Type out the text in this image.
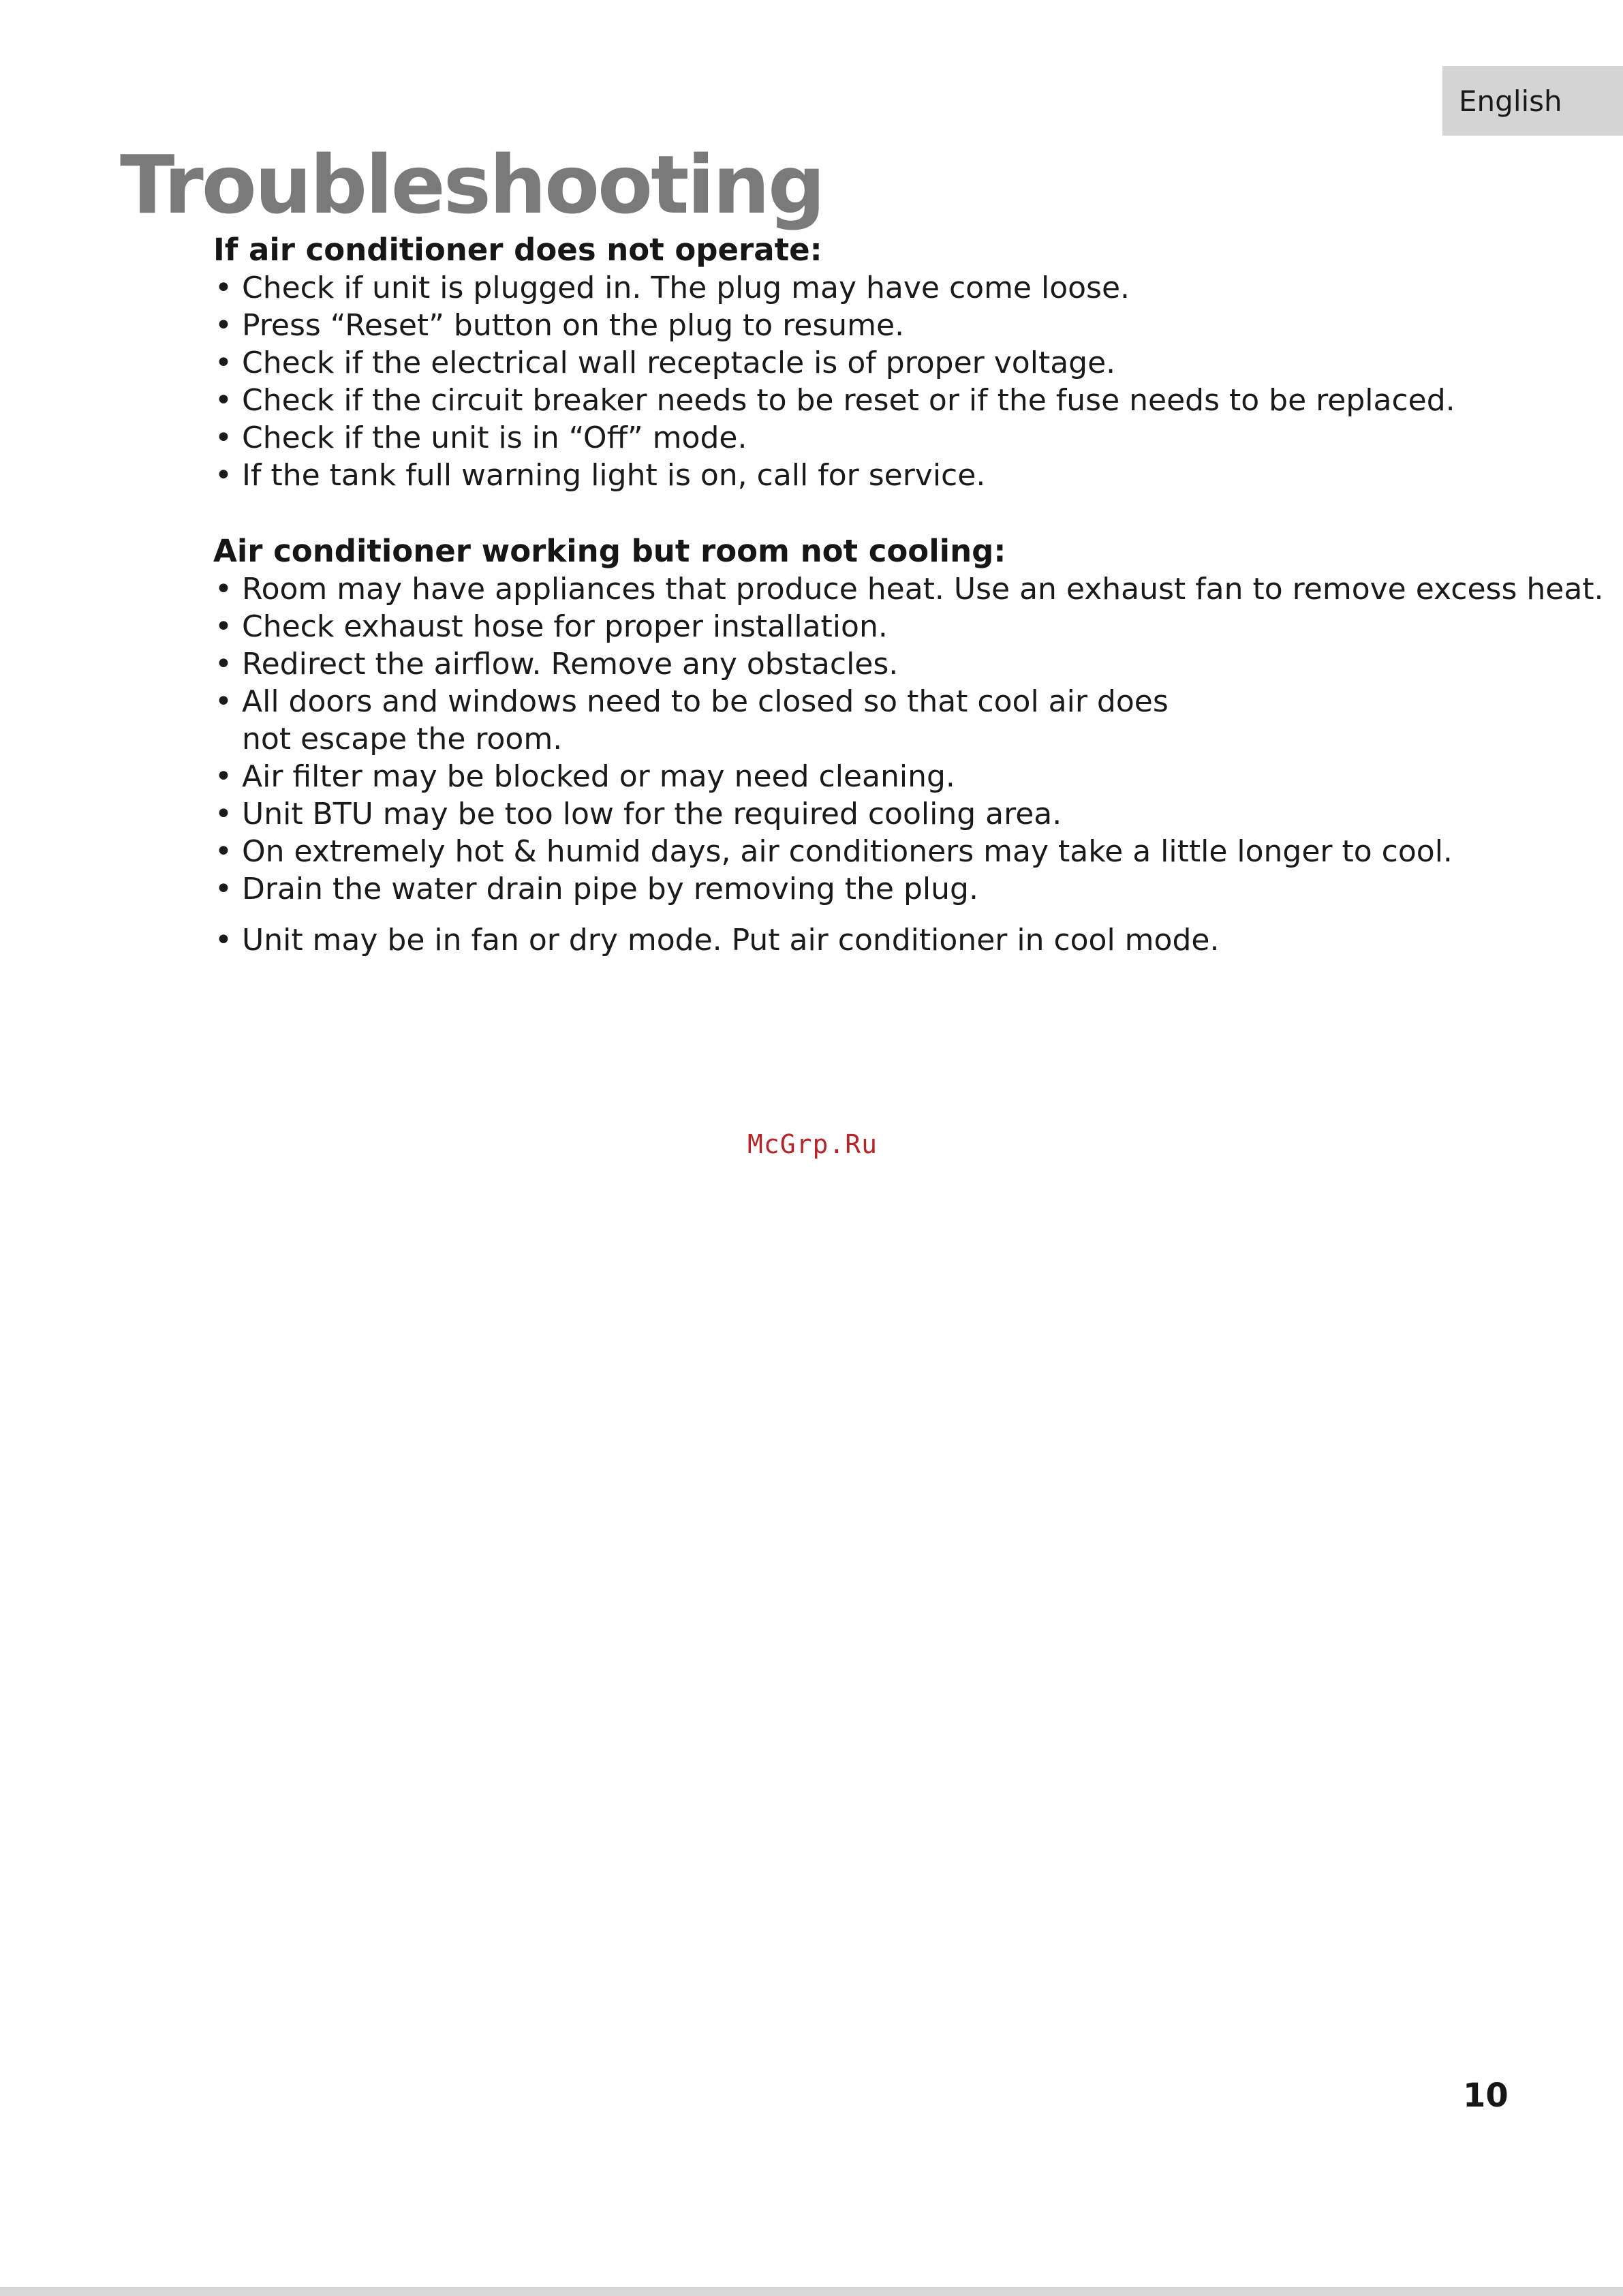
English
Troubleshooting
If air conditioner does not operate:
• Check if unit is plugged in. The plug may have come loose.
• Press “Reset” button on the plug to resume.
• Check if the electrical wall receptacle is of proper voltage.
• Check if the circuit breaker needs to be reset or if the fuse needs to be replaced.
• Check if the unit is in “Off” mode.
• If the tank full warning light is on, call for service.
Air conditioner working but room not cooling:
• Room may have appliances that produce heat. Use an exhaust fan to remove excess heat.
• Check exhaust hose for proper installation.
• Redirect the airflow. Remove any obstacles.
• All doors and windows need to be closed so that cool air does
not escape the room.
• Air filter may be blocked or may need cleaning.
• Unit BTU may be too low for the required cooling area.
• On extremely hot & humid days, air conditioners may take a little longer to cool.
• Drain the water drain pipe by removing the plug.
• Unit may be in fan or dry mode. Put air conditioner in cool mode.
McGrp.Ru
10
